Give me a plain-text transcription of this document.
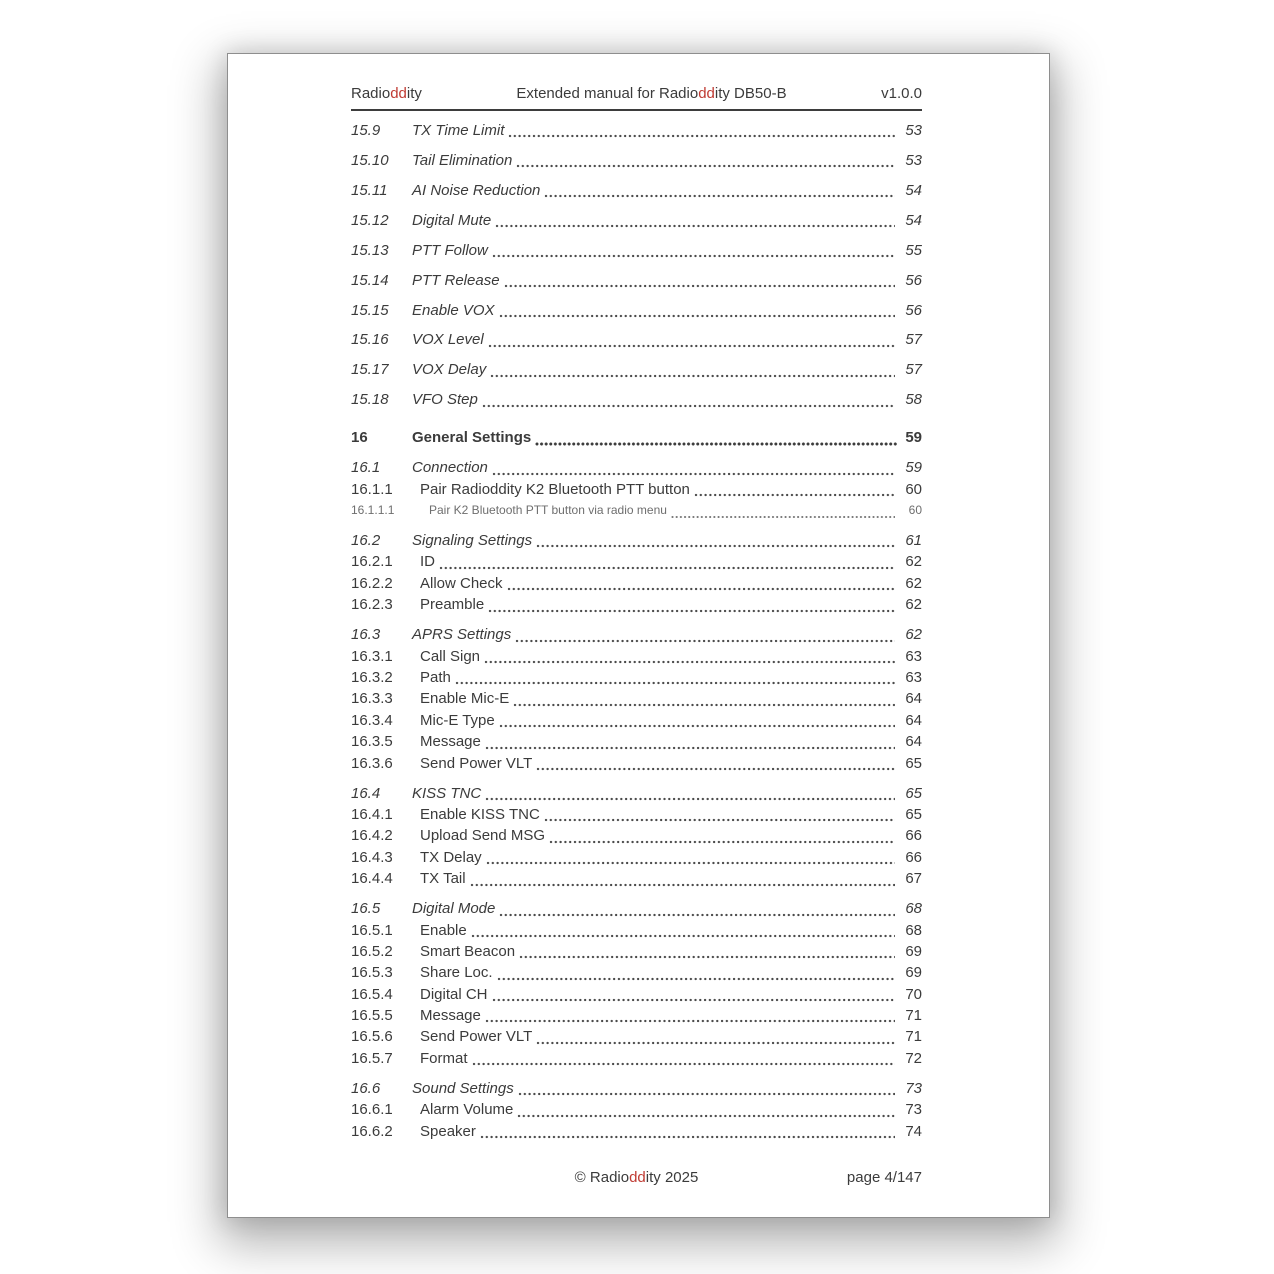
Radioddity	Extended manual for Radioddity DB50-B	v1.0.0
15.9	TX Time Limit	53
15.10	Tail Elimination	53
15.11	AI Noise Reduction	54
15.12	Digital Mute	54
15.13	PTT Follow	55
15.14	PTT Release	56
15.15	Enable VOX	56
15.16	VOX Level	57
15.17	VOX Delay	57
15.18	VFO Step	58
16	General Settings	59
16.1	Connection	59
16.1.1	Pair Radioddity K2 Bluetooth PTT button	60
16.1.1.1	Pair K2 Bluetooth PTT button via radio menu	60
16.2	Signaling Settings	61
16.2.1	ID	62
16.2.2	Allow Check	62
16.2.3	Preamble	62
16.3	APRS Settings	62
16.3.1	Call Sign	63
16.3.2	Path	63
16.3.3	Enable Mic-E	64
16.3.4	Mic-E Type	64
16.3.5	Message	64
16.3.6	Send Power VLT	65
16.4	KISS TNC	65
16.4.1	Enable KISS TNC	65
16.4.2	Upload Send MSG	66
16.4.3	TX Delay	66
16.4.4	TX Tail	67
16.5	Digital Mode	68
16.5.1	Enable	68
16.5.2	Smart Beacon	69
16.5.3	Share Loc.	69
16.5.4	Digital CH	70
16.5.5	Message	71
16.5.6	Send Power VLT	71
16.5.7	Format	72
16.6	Sound Settings	73
16.6.1	Alarm Volume	73
16.6.2	Speaker	74
© Radioddity 2025	page 4/147
